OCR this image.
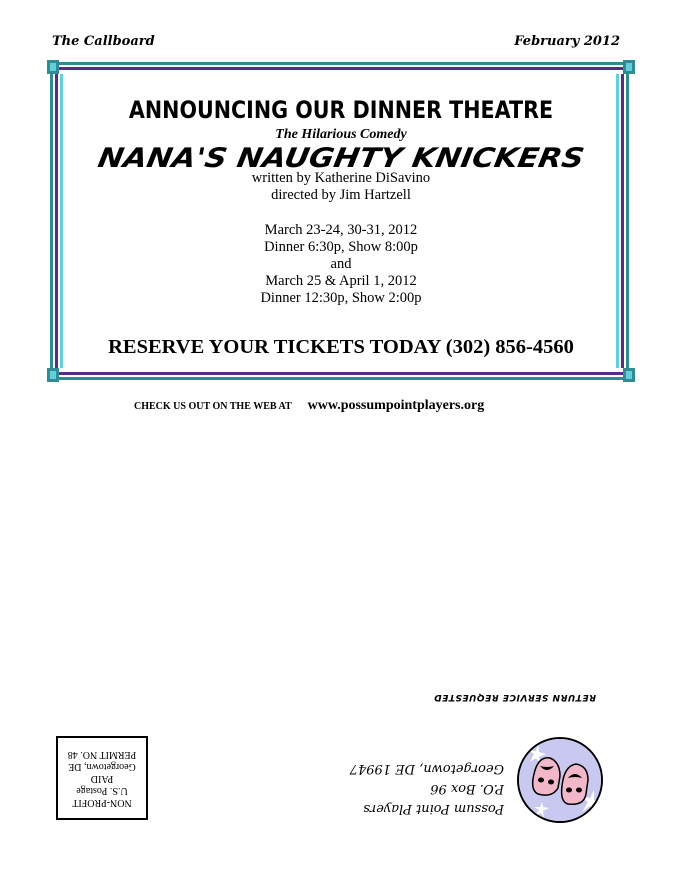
The Callboard	February 2012
ANNOUNCING OUR DINNER THEATRE
The Hilarious Comedy
NANA'S NAUGHTY KNICKERS
written by Katherine DiSavino
directed by Jim Hartzell
March 23-24, 30-31, 2012
Dinner 6:30p, Show 8:00p
and
March 25 & April 1, 2012
Dinner 12:30p, Show 2:00p
RESERVE YOUR TICKETS TODAY (302) 856-4560
CHECK US OUT ON THE WEB AT www.possumpointplayers.org
RETURN SERVICE REQUESTED
Possum Point Players
P.O. Box 96
Georgetown, DE 19947
NON-PROFIT
U.S. Postage
PAID
Georgetown, DE
PERMIT NO. 48
